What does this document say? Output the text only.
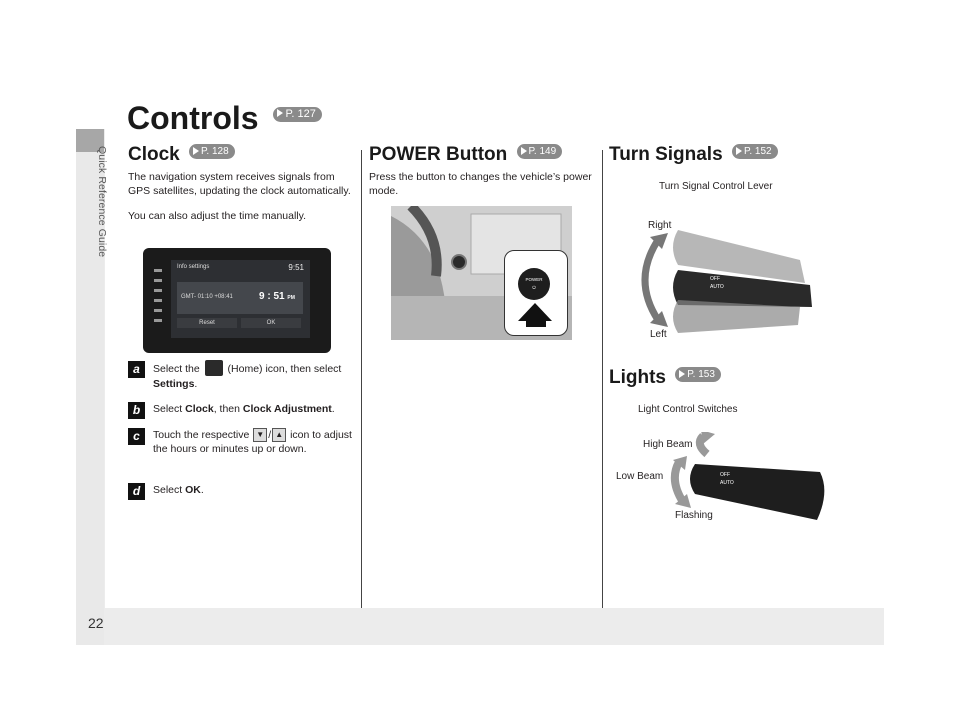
Quick Reference Guide
22
Controls P. 127
Clock P. 128
The navigation system receives signals from GPS satellites, updating the clock automatically.
You can also adjust the time manually.
Info settings	9:51
GMT- 01:10 +08:41	9 : 51 PM
Reset	OK
a	Select the	(Home) icon, then select Settings.
b	Select Clock, then Clock Adjustment.
c	Touch the respective ▼ / ▲ icon to adjust the hours or minutes up or down.
d	Select OK.
POWER Button P. 149
Press the button to changes the vehicle’s power mode.
POWER
⏻
Turn Signals P. 152
Turn Signal Control Lever
Right
Left
OFF
AUTO
Lights P. 153
Light Control Switches
High Beam
Low Beam
Flashing
OFF
AUTO
